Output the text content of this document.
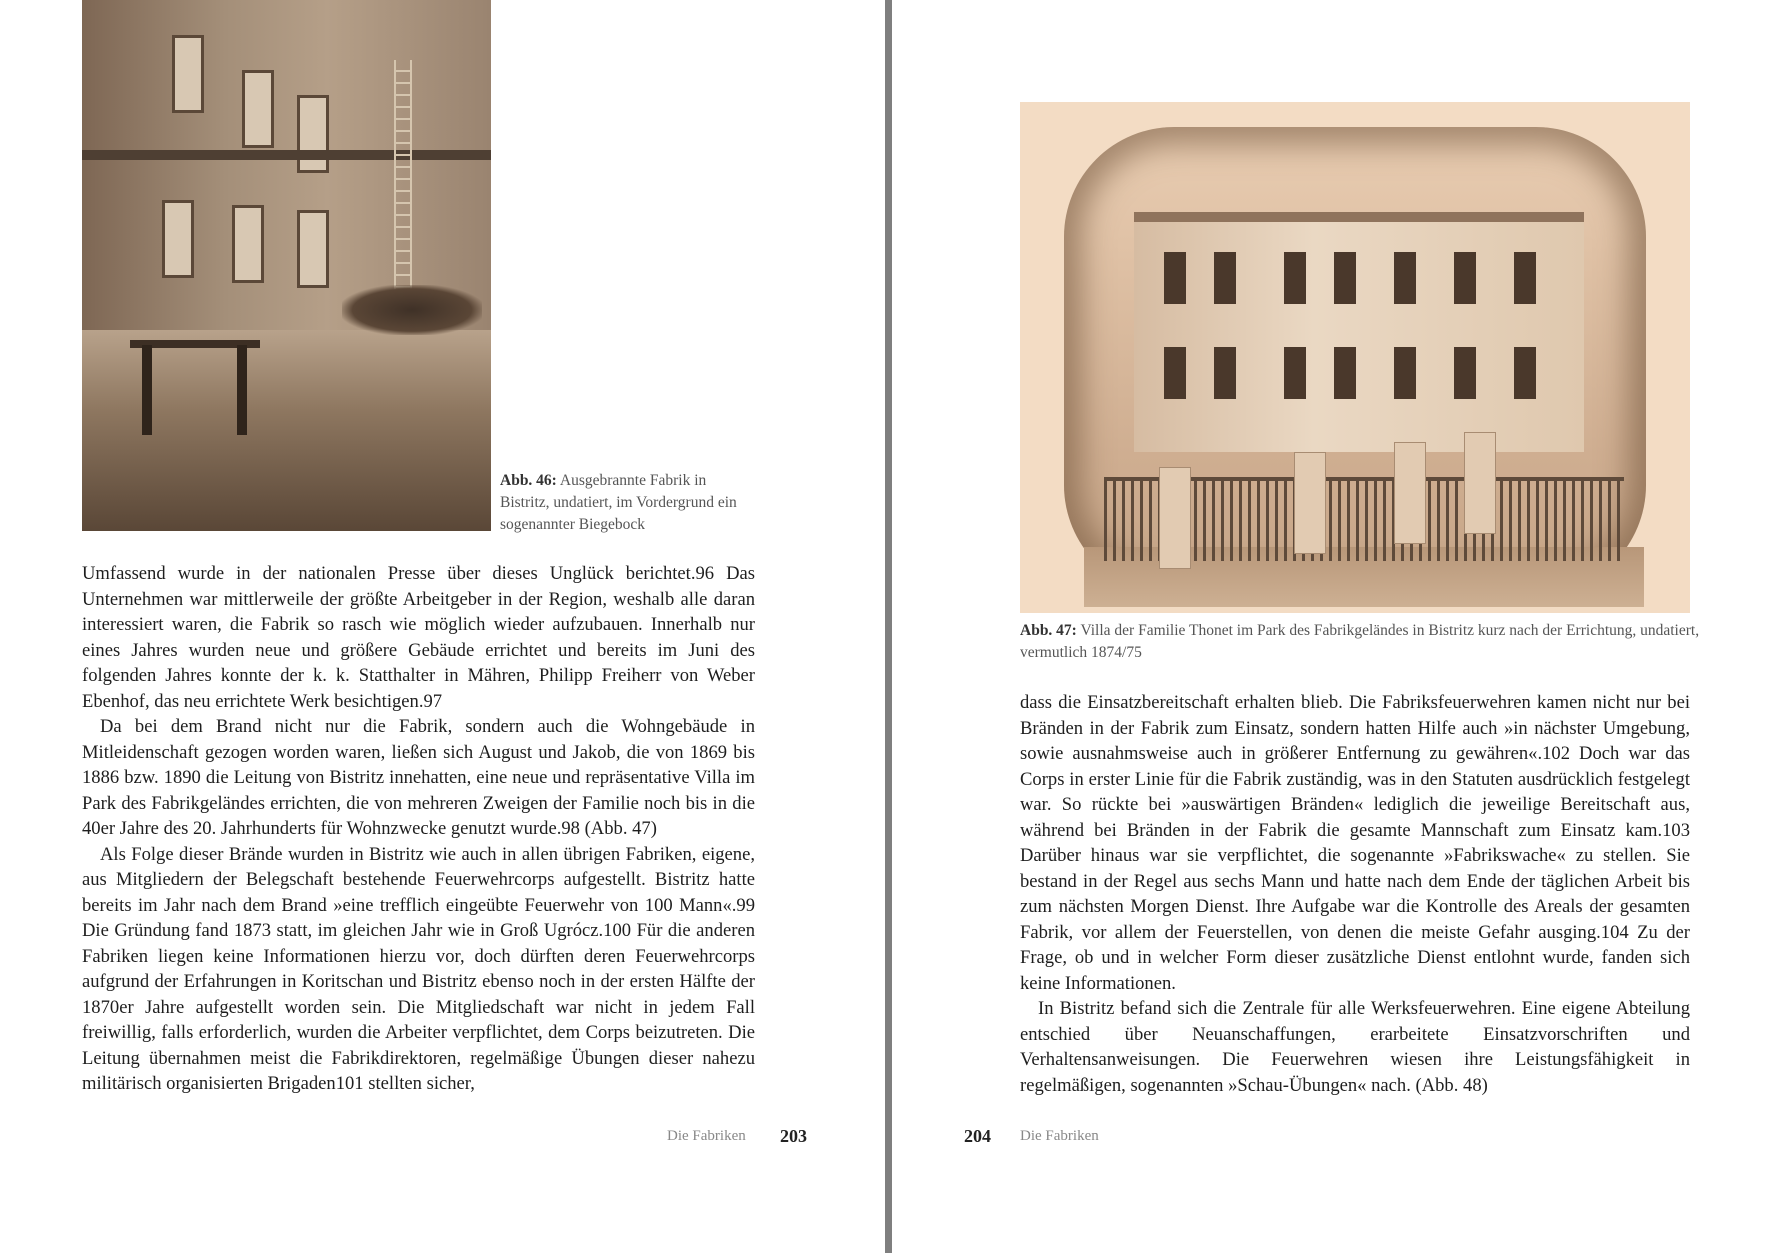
Abb. 46: Ausgebrannte Fabrik in Bistritz, undatiert, im Vordergrund ein sogenannter Biegebock

Umfassend wurde in der nationalen Presse über dieses Unglück berichtet.96 Das Unternehmen war mittlerweile der größte Arbeitgeber in der Region, weshalb alle daran interessiert waren, die Fabrik so rasch wie möglich wieder aufzubauen. Innerhalb nur eines Jahres wurden neue und größere Gebäude errichtet und bereits im Juni des folgenden Jahres konnte der k. k. Statthalter in Mähren, Philipp Freiherr von Weber Ebenhof, das neu errichtete Werk besichtigen.97

Da bei dem Brand nicht nur die Fabrik, sondern auch die Wohngebäude in Mitleidenschaft gezogen worden waren, ließen sich August und Jakob, die von 1869 bis 1886 bzw. 1890 die Leitung von Bistritz innehatten, eine neue und repräsentative Villa im Park des Fabrikgeländes errichten, die von mehreren Zweigen der Familie noch bis in die 40er Jahre des 20. Jahrhunderts für Wohnzwecke genutzt wurde.98 (Abb. 47)

Als Folge dieser Brände wurden in Bistritz wie auch in allen übrigen Fabriken, eigene, aus Mitgliedern der Belegschaft bestehende Feuerwehrcorps aufgestellt. Bistritz hatte bereits im Jahr nach dem Brand »eine trefflich eingeübte Feuerwehr von 100 Mann«.99 Die Gründung fand 1873 statt, im gleichen Jahr wie in Groß Ugrócz.100 Für die anderen Fabriken liegen keine Informationen hierzu vor, doch dürften deren Feuerwehrcorps aufgrund der Erfahrungen in Koritschan und Bistritz ebenso noch in der ersten Hälfte der 1870er Jahre aufgestellt worden sein. Die Mitgliedschaft war nicht in jedem Fall freiwillig, falls erforderlich, wurden die Arbeiter verpflichtet, dem Corps beizutreten. Die Leitung übernahmen meist die Fabrikdirektoren, regelmäßige Übungen dieser nahezu militärisch organisierten Brigaden101 stellten sicher,

Die Fabriken 203
Abb. 47: Villa der Familie Thonet im Park des Fabrikgeländes in Bistritz kurz nach der Errichtung, undatiert, vermutlich 1874/75

dass die Einsatzbereitschaft erhalten blieb. Die Fabriksfeuerwehren kamen nicht nur bei Bränden in der Fabrik zum Einsatz, sondern hatten Hilfe auch »in nächster Umgebung, sowie ausnahmsweise auch in größerer Entfernung zu gewähren«.102 Doch war das Corps in erster Linie für die Fabrik zuständig, was in den Statuten ausdrücklich festgelegt war. So rückte bei »auswärtigen Bränden« lediglich die jeweilige Bereitschaft aus, während bei Bränden in der Fabrik die gesamte Mannschaft zum Einsatz kam.103 Darüber hinaus war sie verpflichtet, die sogenannte »Fabrikswache« zu stellen. Sie bestand in der Regel aus sechs Mann und hatte nach dem Ende der täglichen Arbeit bis zum nächsten Morgen Dienst. Ihre Aufgabe war die Kontrolle des Areals der gesamten Fabrik, vor allem der Feuerstellen, von denen die meiste Gefahr ausging.104 Zu der Frage, ob und in welcher Form dieser zusätzliche Dienst entlohnt wurde, fanden sich keine Informationen.

In Bistritz befand sich die Zentrale für alle Werksfeuerwehren. Eine eigene Abteilung entschied über Neuanschaffungen, erarbeitete Einsatzvorschriften und Verhaltensanweisungen. Die Feuerwehren wiesen ihre Leistungsfähigkeit in regelmäßigen, sogenannten »Schau-Übungen« nach. (Abb. 48)

204 Die Fabriken
